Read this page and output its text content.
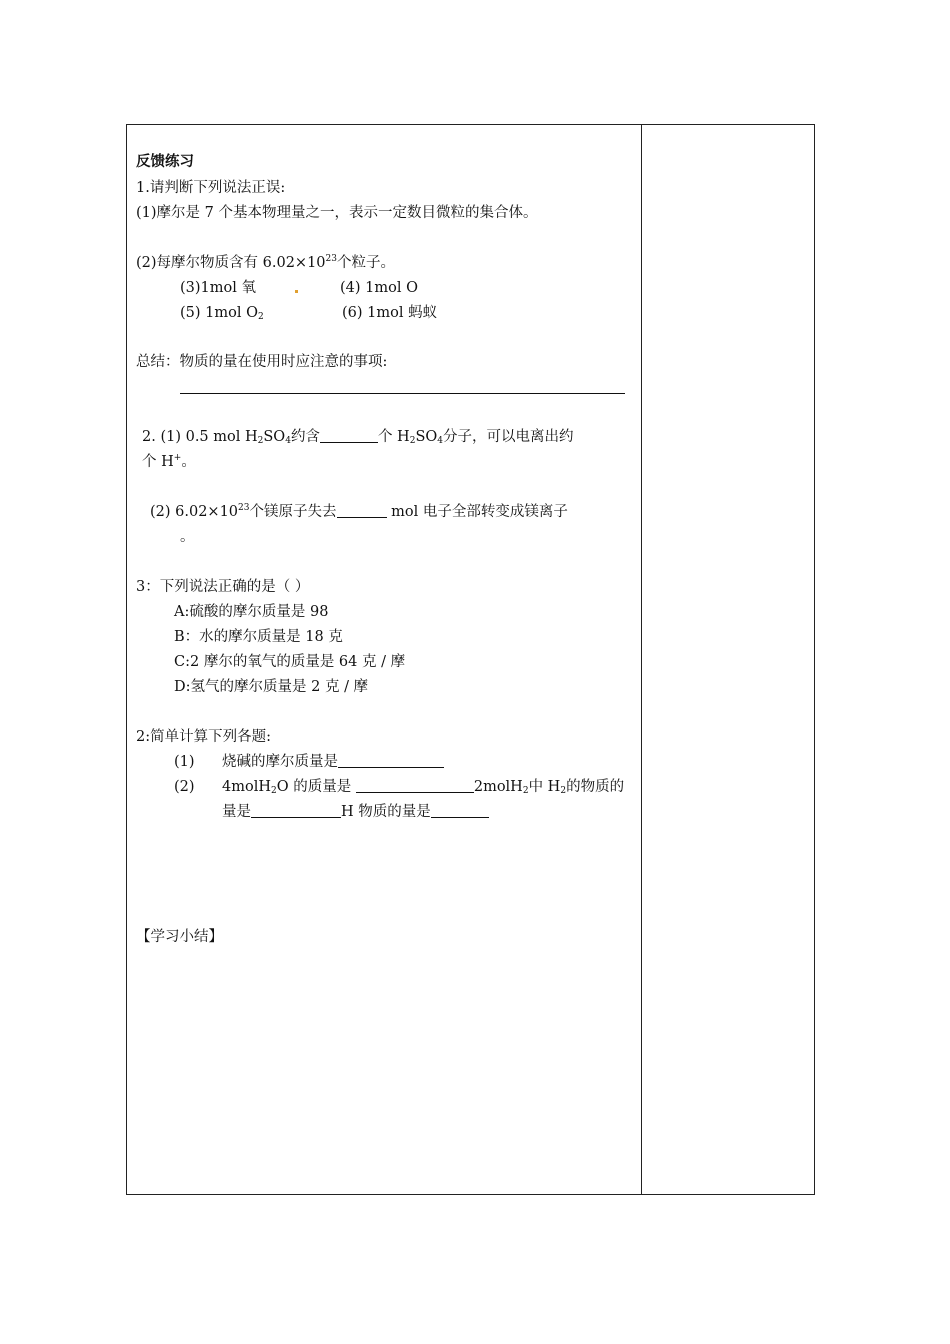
反馈练习
1.请判断下列说法正误:
(1)摩尔是 7 个基本物理量之一，表示一定数目微粒的集合体。
(2)每摩尔物质含有 $6.02\times 10^{23}$个粒子。
(3)1mol 氧	(4) 1mol O
(5) 1mol $O_2$	(6) 1mol 蚂蚁
总结：物质的量在使用时应注意的事项:
2. (1) 0.5 mol $H_2SO_4$约含	个 $H_2SO_4$分子，可以电离出约
个 H+。
(2) $6.02\times 10^{23}$个镁原子失去	mol 电子全部转变成镁离子
。
3：下列说法正确的是（ ）
A:硫酸的摩尔质量是 98
B：水的摩尔质量是 18 克
C:2 摩尔的氧气的质量是 64 克 / 摩
D:氢气的摩尔质量是 2 克 / 摩
2:简单计算下列各题:
(1) 烧碱的摩尔质量是
(2) 4molH$_2$O 的质量是	2molH$_2$中 $H_2$的物质的
量是	H 物质的量是
【学习小结】
